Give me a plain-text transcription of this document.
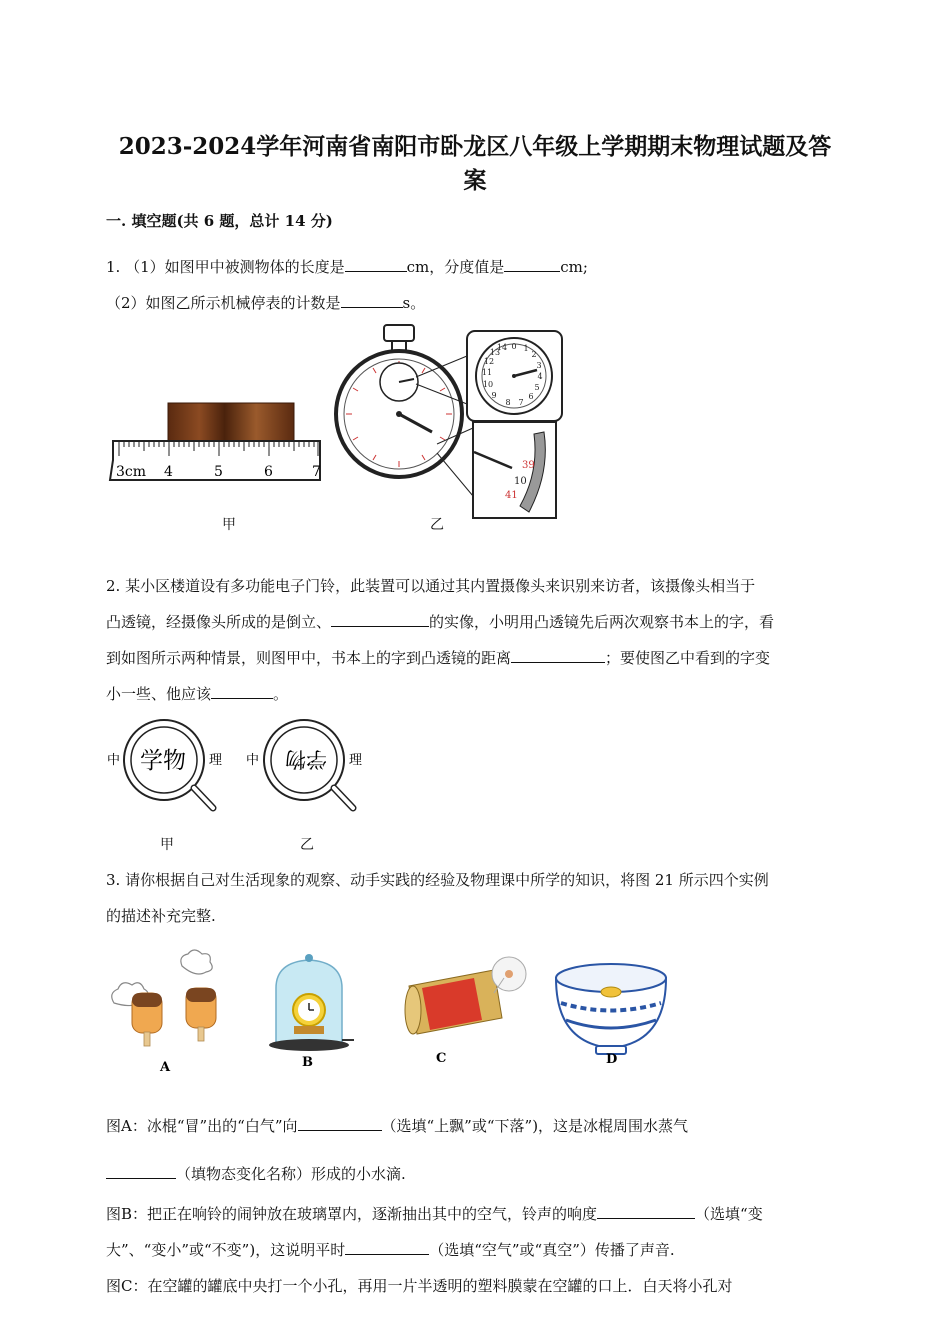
2023-2024学年河南省南阳市卧龙区八年级上学期期末物理试题及答
案
一. 填空题(共 6 题，总计 14 分)
1. （1）如图甲中被测物体的长度是	cm，分度值是	cm;
（2）如图乙所示机械停表的计数是	s。
3cm 4	5	6	7
14 0 1
2
3
4
5
6
7
8
9
10
11
12
13
39
10
41
甲	乙
2. 某小区楼道设有多功能电子门铃，此装置可以通过其内置摄像头来识别来访者，该摄像头相当于
凸透镜，经摄像头所成的是倒立、	的实像，小明用凸透镜先后两次观察书本上的字，看
到如图所示两种情景，则图甲中，书本上的字到凸透镜的距离	；要使图乙中看到的字变
小一些、他应该	。
中 学物 理 中 学物 理
甲	乙
3. 请你根据自己对生活现象的观察、动手实践的经验及物理课中所学的知识，将图 21 所示四个实例
的描述补充完整.
A	B	C	D
图A：冰棍“冒”出的“白气”向	（选填“上飘”或“下落”)，这是冰棍周围水蒸气
（填物态变化名称）形成的小水滴.
图B：把正在响铃的闹钟放在玻璃罩内，逐渐抽出其中的空气，铃声的响度	（选填“变
大”、“变小”或“不变”)，这说明平时	（选填“空气”或“真空”）传播了声音.
图C：在空罐的罐底中央打一个小孔，再用一片半透明的塑料膜蒙在空罐的口上．白天将小孔对
